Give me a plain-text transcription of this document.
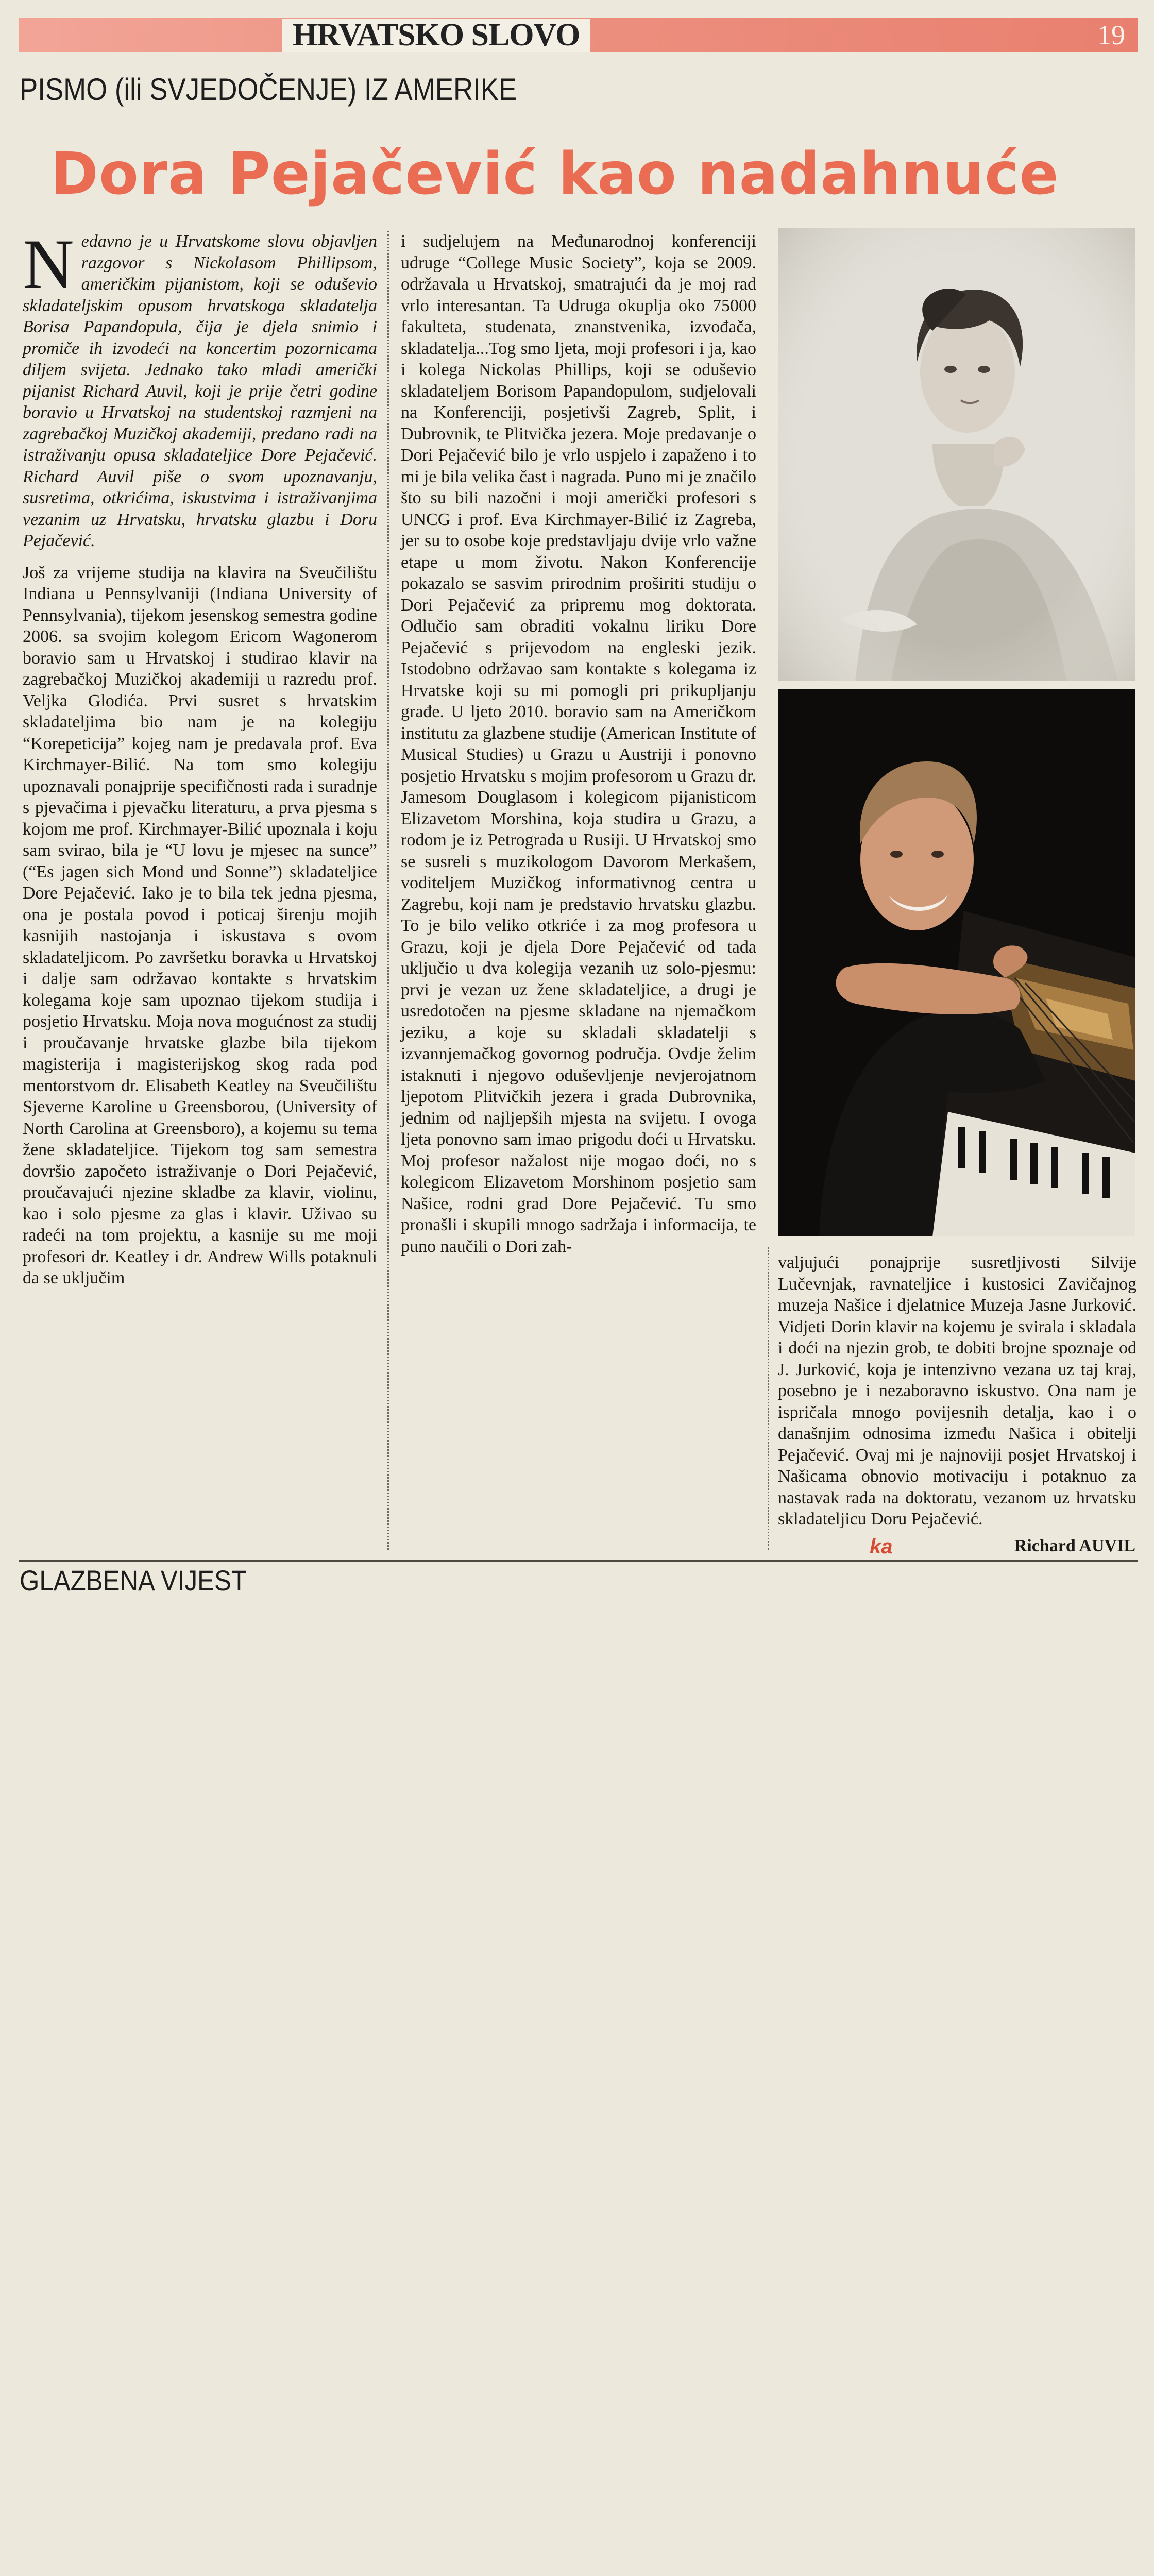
HRVATSKO SLOVO	19
PISMO (ili SVJEDOČENJE) IZ AMERIKE
Dora Pejačević kao nadahnuće

Nedavno je u Hrvatskome slovu objavljen razgovor s Nickolasom Phillipsom, američkim pijanistom, koji se oduševio skladateljskim opusom hrvatskoga skladatelja Borisa Papandopula, čija je djela snimio i promiče ih izvodeći na koncertim pozornicama diljem svijeta. Jednako tako mladi američki pijanist Richard Auvil, koji je prije četri godine boravio u Hrvatskoj na studentskoj razmjeni na zagrebačkoj Muzičkoj akademiji, predano radi na istraživanju opusa skladateljice Dore Pejačević. Richard Auvil piše o svom upoznavanju, susretima, otkrićima, iskustvima i istraživanjima vezanim uz Hrvatsku, hrvatsku glazbu i Doru Pejačević.

Još za vrijeme studija na klavira na Sveučilištu Indiana u Pennsylvaniji (Indiana University of Pennsylvania), tijekom jesenskog semestra godine 2006. sa svojim kolegom Ericom Wagonerom boravio sam u Hrvatskoj i studirao klavir na zagrebačkoj Muzičkoj akademiji u razredu prof. Veljka Glodića. Prvi susret s hrvatskim skladateljima bio nam je na kolegiju “Korepeticija” kojeg nam je predavala prof. Eva Kirchmayer-Bilić. Na tom smo kolegiju upoznavali ponajprije specifičnosti rada i suradnje s pjevačima i pjevačku literaturu, a prva pjesma s kojom me prof. Kirchmayer-Bilić upoznala i koju sam svirao, bila je “U lovu je mjesec na sunce” (“Es jagen sich Mond und Sonne”) skladateljice Dore Pejačević. Iako je to bila tek jedna pjesma, ona je postala povod i poticaj širenju mojih kasnijih nastojanja i iskustava s ovom skladateljicom. Po završetku boravka u Hrvatskoj i dalje sam održavao kontakte s hrvatskim kolegama koje sam upoznao tijekom studija i posjetio Hrvatsku. Moja nova mogućnost za studij i proučavanje hrvatske glazbe bila tijekom magisterija i magisterijskog skog rada pod mentorstvom dr. Elisabeth Keatley na Sveučilištu Sjeverne Karoline u Greensborou, (University of North Carolina at Greensboro), a kojemu su tema žene skladateljice. Tijekom tog sam semestra dovršio započeto istraživanje o Dori Pejačević, proučavajući njezine skladbe za klavir, violinu, kao i solo pjesme za glas i klavir. Uživao su radeći na tom projektu, a kasnije su me moji profesori dr. Keatley i dr. Andrew Wills potaknuli da se uključim

i sudjelujem na Međunarodnoj konferenciji udruge “College Music Society”, koja se 2009. održavala u Hrvatskoj, smatrajući da je moj rad vrlo interesantan. Ta Udruga okuplja oko 75000 fakulteta, studenata, znanstvenika, izvođača, skladatelja...Tog smo ljeta, moji profesori i ja, kao i kolega Nickolas Phillips, koji se oduševio skladateljem Borisom Papandopulom, sudjelovali na Konferenciji, posjetivši Zagreb, Split, i Dubrovnik, te Plitvička jezera. Moje predavanje o Dori Pejačević bilo je vrlo uspjelo i zapaženo i to mi je bila velika čast i nagrada. Puno mi je značilo što su bili nazočni i moji američki profesori s UNCG i prof. Eva Kirchmayer-Bilić iz Zagreba, jer su to osobe koje predstavljaju dvije vrlo važne etape u mom životu. Nakon Konferencije pokazalo se sasvim prirodnim proširiti studiju o Dori Pejačević za pripremu mog doktorata. Odlučio sam obraditi vokalnu liriku Dore Pejačević s prijevodom na engleski jezik. Istodobno održavao sam kontakte s kolegama iz Hrvatske koji su mi pomogli pri prikupljanju građe. U ljeto 2010. boravio sam na Američkom institutu za glazbene studije (American Institute of Musical Studies) u Grazu u Austriji i ponovno posjetio Hrvatsku s mojim profesorom u Grazu dr. Jamesom Douglasom i kolegicom pijanisticom Elizavetom Morshina, koja studira u Grazu, a rodom je iz Petrograda u Rusiji. U Hrvatskoj smo se susreli s muzikologom Davorom Merkašem, voditeljem Muzičkog informativnog centra u Zagrebu, koji nam je predstavio hrvatsku glazbu. To je bilo veliko otkriće i za mog profesora u Grazu, koji je djela Dore Pejačević od tada uključio u dva kolegija vezanih uz solo-pjesmu: prvi je vezan uz žene skladateljice, a drugi je usredotočen na pjesme skladane na njemačkom jeziku, a koje su skladali skladatelji s izvannjemačkog govornog područja. Ovdje želim istaknuti i njegovo oduševljenje nevjerojatnom ljepotom Plitvičkih jezera i grada Dubrovnika, jednim od najljepših mjesta na svijetu. I ovoga ljeta ponovno sam imao prigodu doći u Hrvatsku. Moj profesor nažalost nije mogao doći, no s kolegicom Elizavetom Morshinom posjetio sam Našice, rodni grad Dore Pejačević. Tu smo pronašli i skupili mnogo sadržaja i informacija, te puno naučili o Dori zah-

valjujući ponajprije susretljivosti Silvije Lučevnjak, ravnateljice i kustosici Zavičajnog muzeja Našice i djelatnice Muzeja Jasne Jurković. Vidjeti Dorin klavir na kojemu je svirala i skladala i doći na njezin grob, te dobiti brojne spoznaje od J. Jurković, koja je intenzivno vezana uz taj kraj, posebno je i nezaboravno iskustvo. Ona nam je ispričala mnogo povijesnih detalja, kao i o današnjim odnosima između Našica i obitelji Pejačević. Ovaj mi je najnoviji posjet Hrvatskoj i Našicama obnovio motivaciju i potaknuo za nastavak rada na doktoratu, vezanom uz hrvatsku skladateljicu Doru Pejačević.

ka	Richard AUVIL
GLAZBENA VIJEST
